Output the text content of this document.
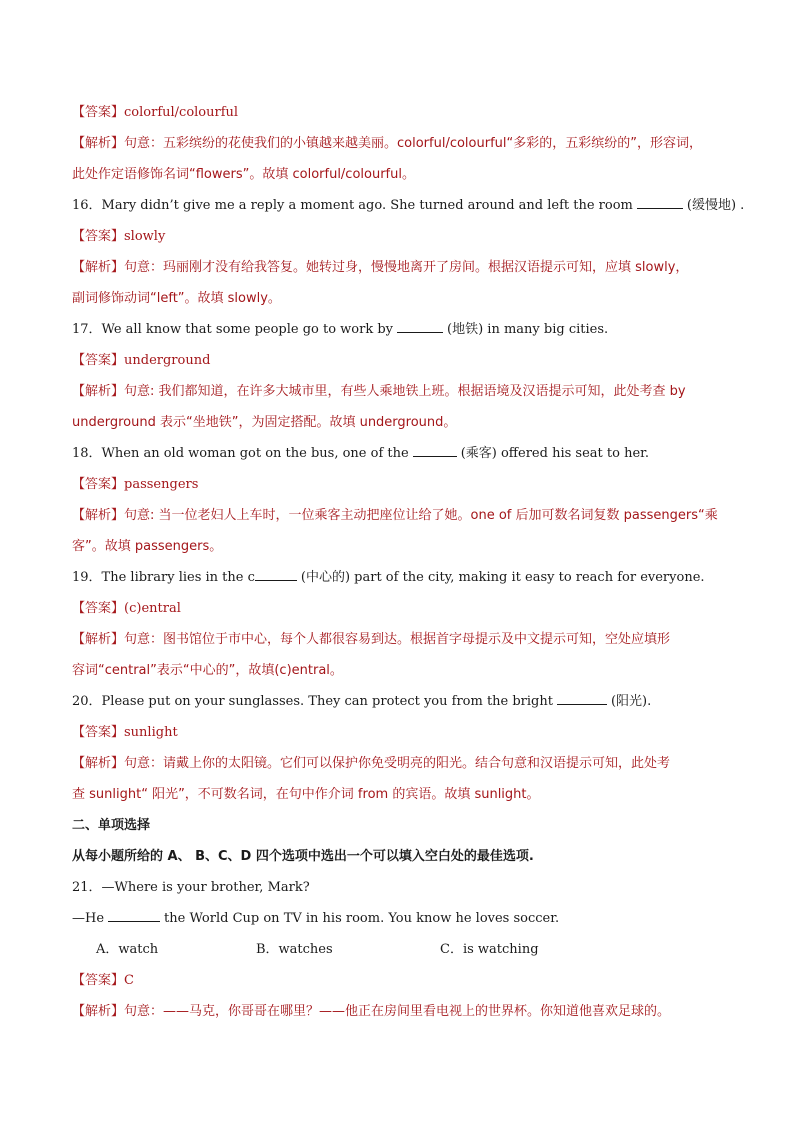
【答案】colorful/colourful
【解析】句意：五彩缤纷的花使我们的小镇越来越美丽。colorful/colourful“多彩的，五彩缤纷的”，形容词，
此处作定语修饰名词“flowers”。故填 colorful/colourful。
16．Mary didn’t give me a reply a moment ago. She turned around and left the room	(缓慢地) .
【答案】slowly
【解析】句意：玛丽刚才没有给我答复。她转过身，慢慢地离开了房间。根据汉语提示可知，应填 slowly，
副词修饰动词“left”。故填 slowly。
17．We all know that some people go to work by	(地铁) in many big cities.
【答案】underground
【解析】句意: 我们都知道，在许多大城市里，有些人乘地铁上班。根据语境及汉语提示可知，此处考查 by
underground 表示“坐地铁”，为固定搭配。故填 underground。
18．When an old woman got on the bus, one of the	(乘客) offered his seat to her.
【答案】passengers
【解析】句意: 当一位老妇人上车时，一位乘客主动把座位让给了她。one of 后加可数名词复数 passengers“乘
客”。故填 passengers。
19．The library lies in the c	(中心的) part of the city, making it easy to reach for everyone.
【答案】(c)entral
【解析】句意：图书馆位于市中心，每个人都很容易到达。根据首字母提示及中文提示可知，空处应填形
容词“central”表示“中心的”，故填(c)entral。
20．Please put on your sunglasses. They can protect you from the bright	(阳光).
【答案】sunlight
【解析】句意：请戴上你的太阳镜。它们可以保护你免受明亮的阳光。结合句意和汉语提示可知，此处考
查 sunlight“ 阳光”，不可数名词，在句中作介词 from 的宾语。故填 sunlight。
二、单项选择
从每小题所给的 A、 B、C、D 四个选项中选出一个可以填入空白处的最佳选项.
21．—Where is your brother, Mark?
—He	the World Cup on TV in his room. You know he loves soccer.
A．watch	B．watches	C．is watching
【答案】C
【解析】句意：——马克，你哥哥在哪里？——他正在房间里看电视上的世界杯。你知道他喜欢足球的。
